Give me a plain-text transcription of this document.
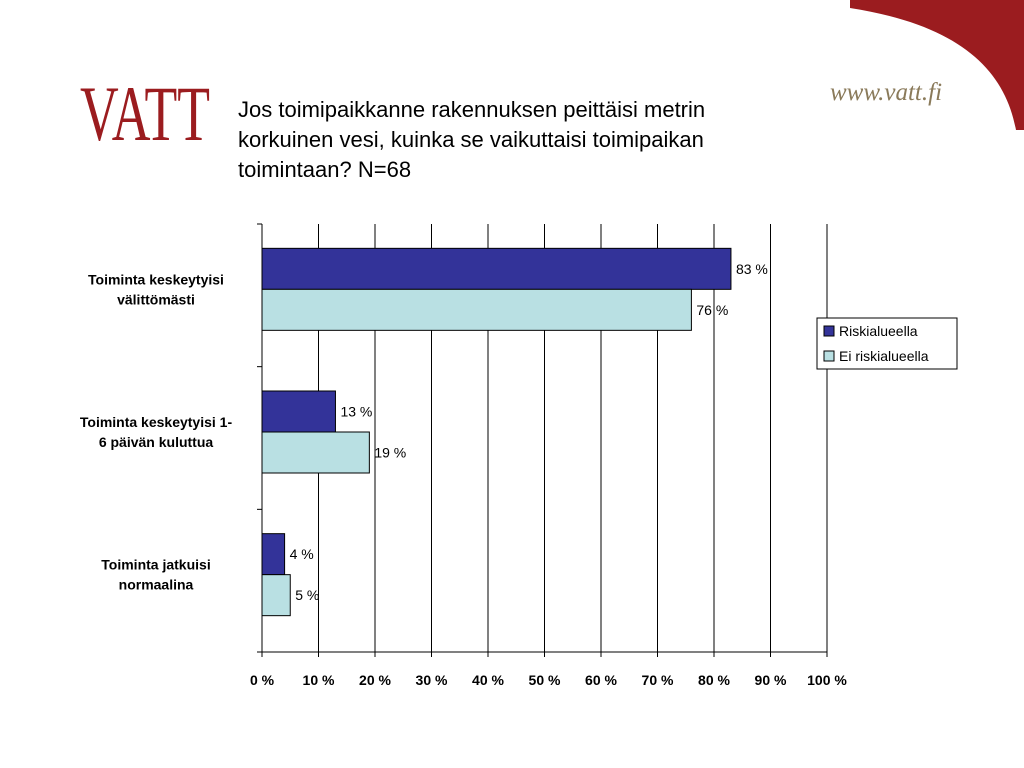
VATT	www.vatt.fi
Jos toimipaikkanne rakennuksen peittäisi metrin
korkuinen vesi, kuinka se vaikuttaisi toimipaikan
toimintaan? N=68
0 % 10 % 20 % 30 % 40 % 50 % 60 % 70 % 80 % 90 % 100 %
Toiminta keskeytyisi
välittömästi
Toiminta keskeytyisi 1-
6 päivän kuluttua
Toiminta jatkuisi
normaalina
83 %
76 %
13 %
19 %
4 %
5 %
Riskialueella
Ei riskialueella
